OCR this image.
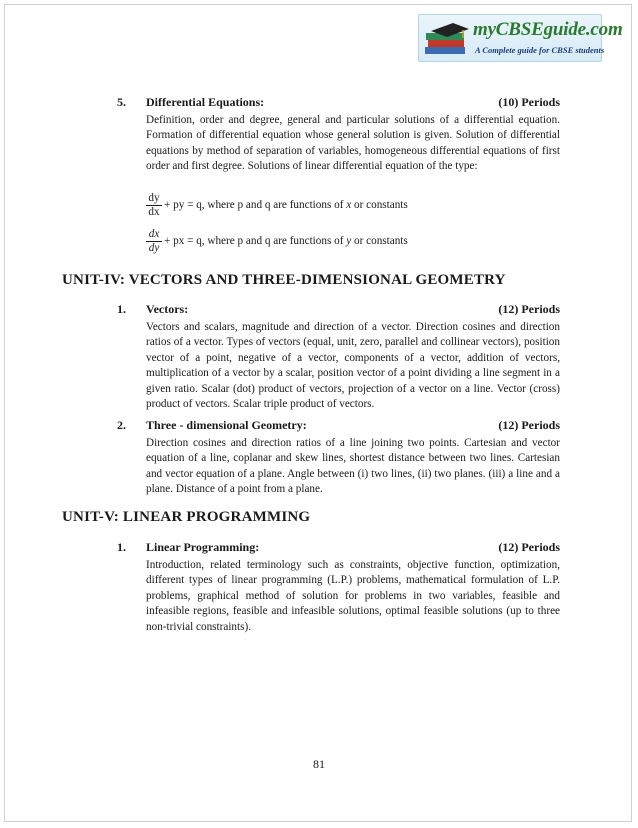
myCBSEguide.com
A Complete guide for CBSE students
5. Differential Equations:	(10) Periods

Definition, order and degree, general and particular solutions of a differential equation. Formation of differential equation whose general solution is given. Solution of differential equations by method of separation of variables, homogeneous differential equations of first order and first degree. Solutions of linear differential equation of the type:

$\frac{dy}{dx}$ + py = q, where p and q are functions of x or constants
$\frac{dx}{dy}$ + px = q, where p and q are functions of y or constants
UNIT-IV: VECTORS AND THREE-DIMENSIONAL GEOMETRY
1. Vectors:	(12) Periods

Vectors and scalars, magnitude and direction of a vector. Direction cosines and direction ratios of a vector. Types of vectors (equal, unit, zero, parallel and collinear vectors), position vector of a point, negative of a vector, components of a vector, addition of vectors, multiplication of a vector by a scalar, position vector of a point dividing a line segment in a given ratio. Scalar (dot) product of vectors, projection of a vector on a line. Vector (cross) product of vectors. Scalar triple product of vectors.

2. Three - dimensional Geometry:	(12) Periods

Direction cosines and direction ratios of a line joining two points. Cartesian and vector equation of a line, coplanar and skew lines, shortest distance between two lines. Cartesian and vector equation of a plane. Angle between (i) two lines, (ii) two planes. (iii) a line and a plane. Distance of a point from a plane.

UNIT-V: LINEAR PROGRAMMING
1. Linear Programming:	(12) Periods

Introduction, related terminology such as constraints, objective function, optimization, different types of linear programming (L.P.) problems, mathematical formulation of L.P. problems, graphical method of solution for problems in two variables, feasible and infeasible regions, feasible and infeasible solutions, optimal feasible solutions (up to three non-trivial constraints).

81
